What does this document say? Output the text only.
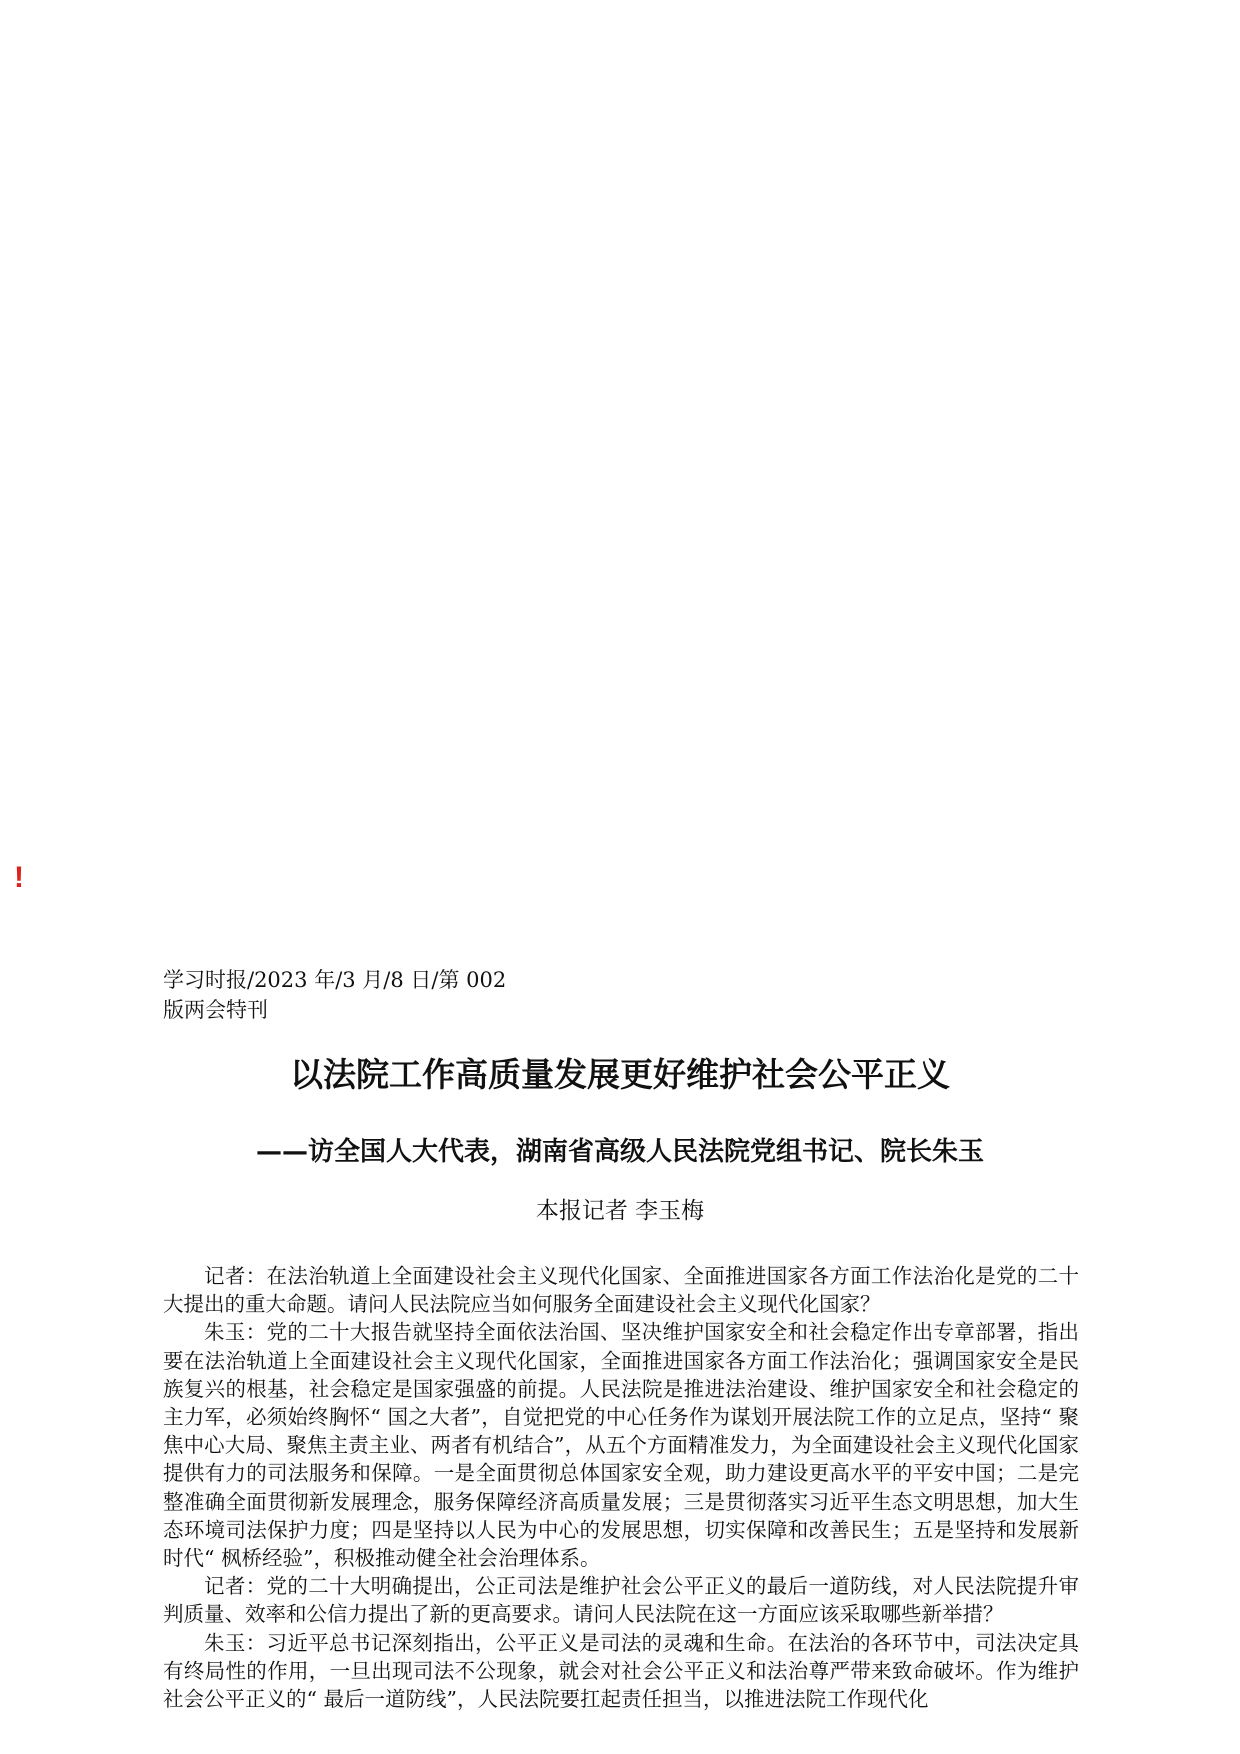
!
学习时报/2023 年/3 月/8 日/第 002
版两会特刊
以法院工作高质量发展更好维护社会公平正义
——访全国人大代表，湖南省高级人民法院党组书记、院长朱玉
本报记者 李玉梅

记者：在法治轨道上全面建设社会主义现代化国家、全面推进国家各方面工作法治化是党的二十大提出的重大命题。请问人民法院应当如何服务全面建设社会主义现代化国家？

朱玉：党的二十大报告就坚持全面依法治国、坚决维护国家安全和社会稳定作出专章部署，指出要在法治轨道上全面建设社会主义现代化国家，全面推进国家各方面工作法治化；强调国家安全是民族复兴的根基，社会稳定是国家强盛的前提。人民法院是推进法治建设、维护国家安全和社会稳定的主力军，必须始终胸怀“ 国之大者”，自觉把党的中心任务作为谋划开展法院工作的立足点，坚持“ 聚焦中心大局、聚焦主责主业、两者有机结合”，从五个方面精准发力，为全面建设社会主义现代化国家提供有力的司法服务和保障。一是全面贯彻总体国家安全观，助力建设更高水平的平安中国；二是完整准确全面贯彻新发展理念，服务保障经济高质量发展；三是贯彻落实习近平生态文明思想，加大生态环境司法保护力度；四是坚持以人民为中心的发展思想，切实保障和改善民生；五是坚持和发展新时代“ 枫桥经验”，积极推动健全社会治理体系。

记者：党的二十大明确提出，公正司法是维护社会公平正义的最后一道防线，对人民法院提升审判质量、效率和公信力提出了新的更高要求。请问人民法院在这一方面应该采取哪些新举措？

朱玉：习近平总书记深刻指出，公平正义是司法的灵魂和生命。在法治的各环节中，司法决定具有终局性的作用，一旦出现司法不公现象，就会对社会公平正义和法治尊严带来致命破坏。作为维护社会公平正义的“ 最后一道防线”，人民法院要扛起责任担当，以推进法院工作现代化
